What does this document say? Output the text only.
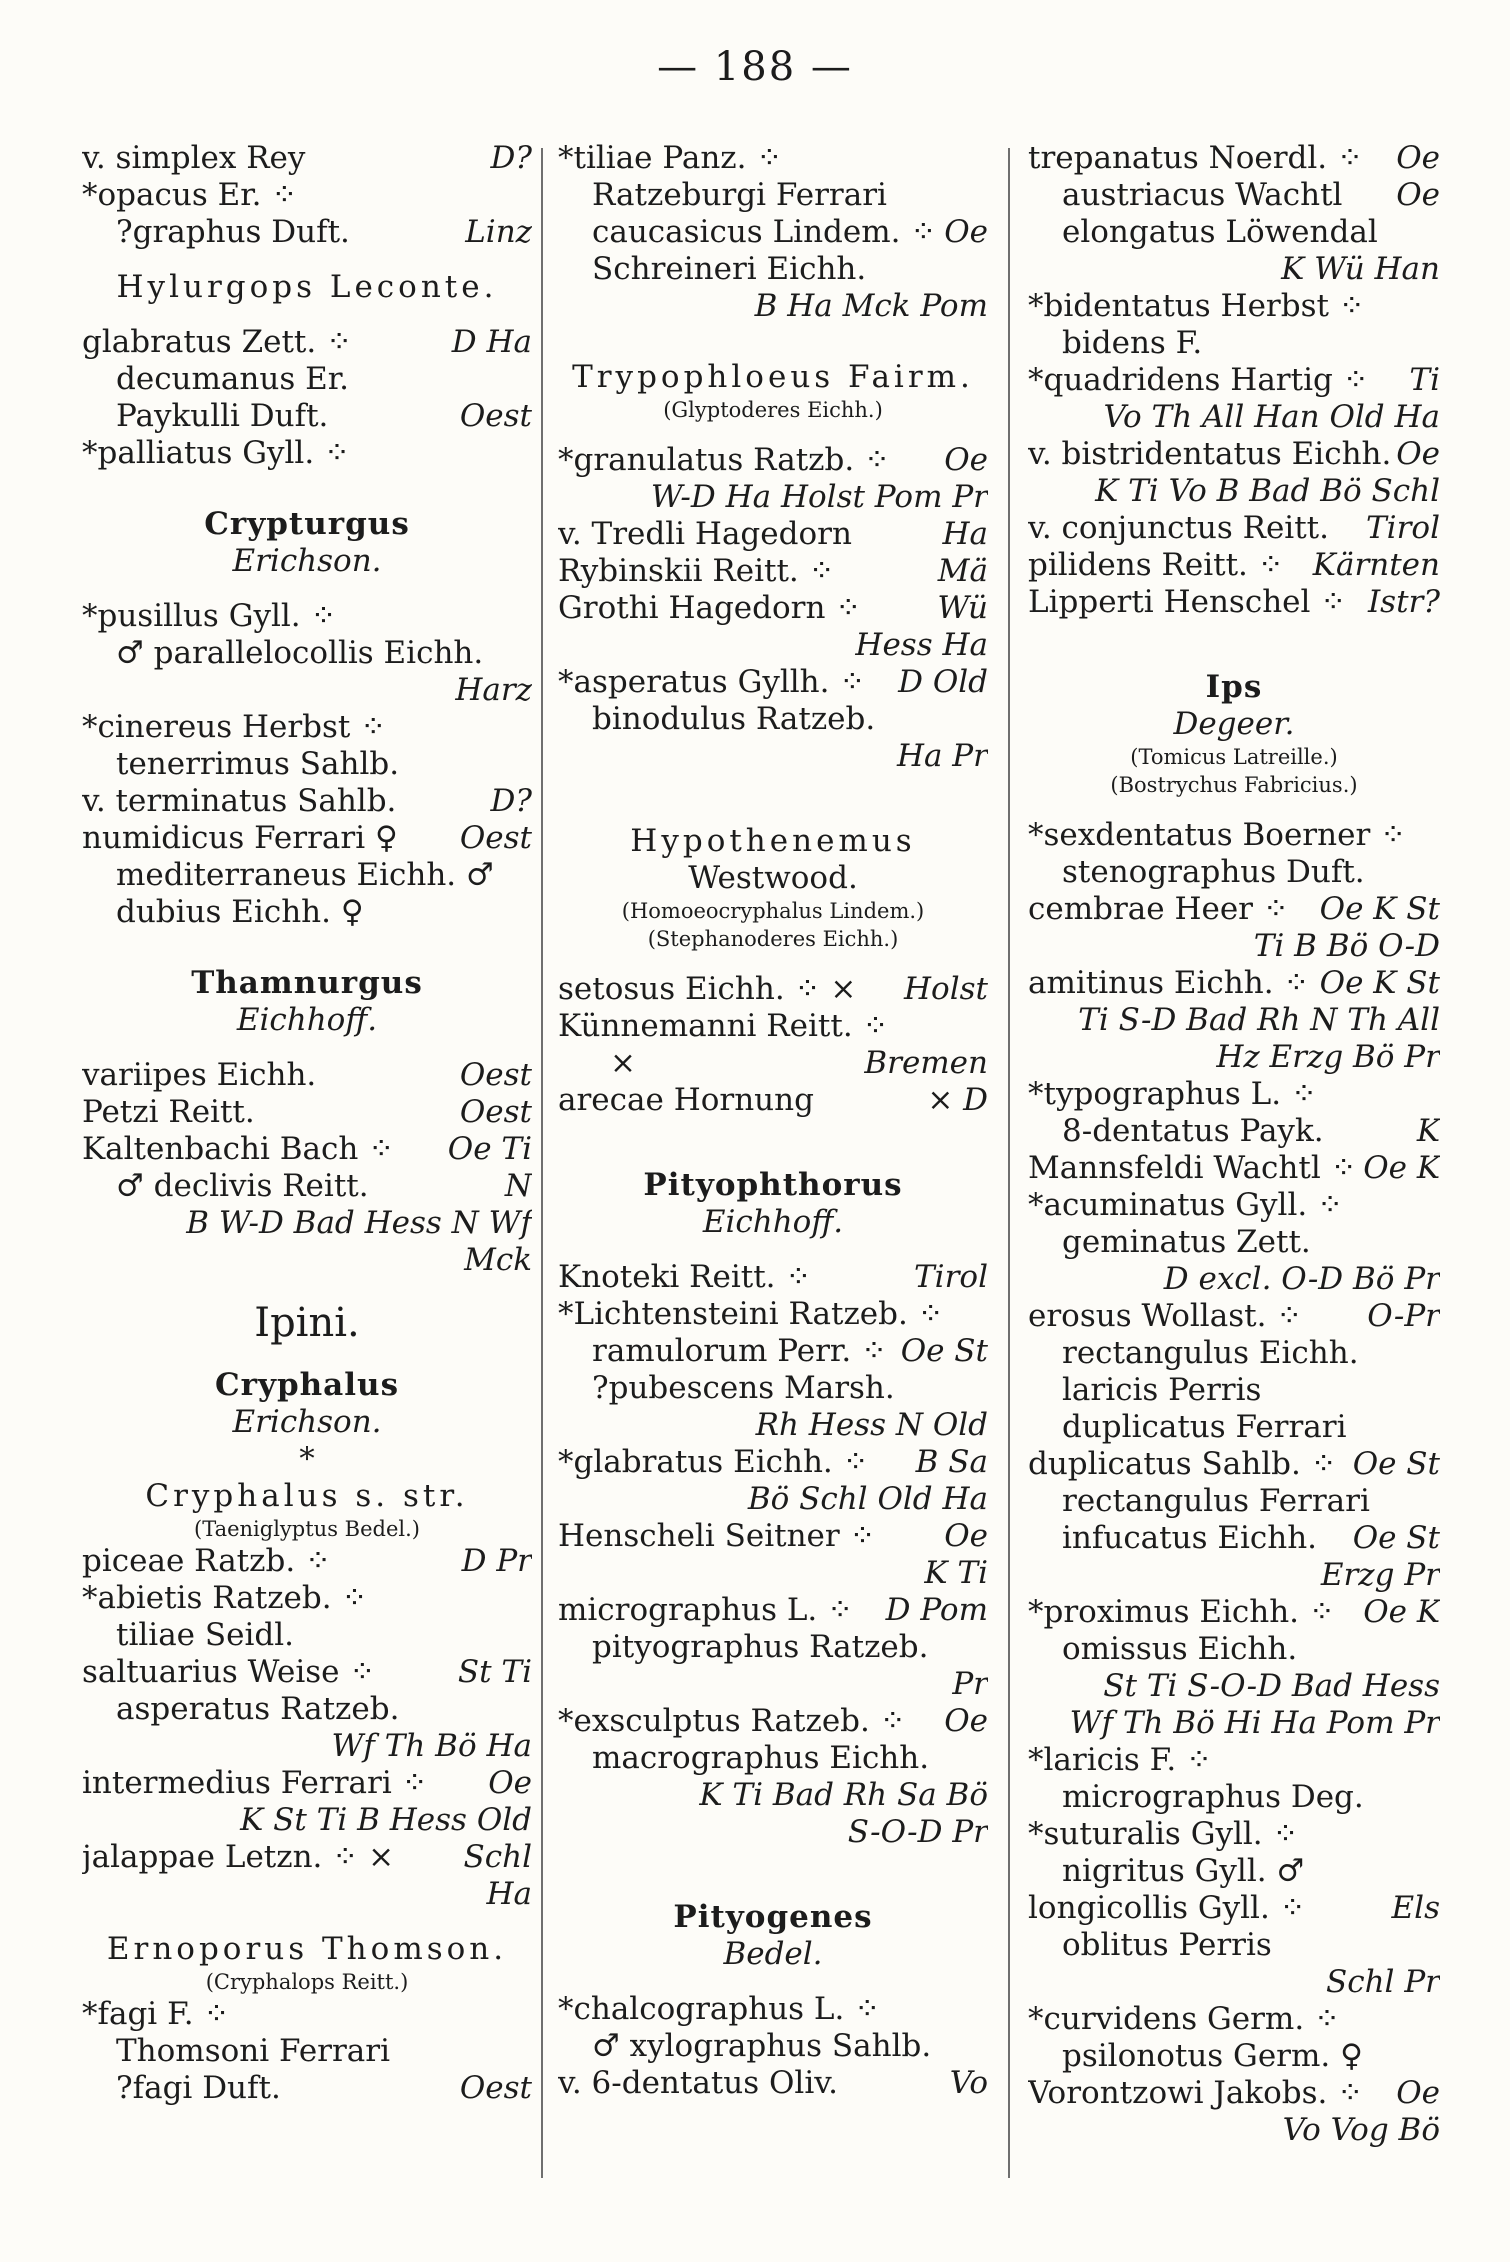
— 188 —
v. simplex Rey	D?
*opacus Er. ⁘
?graphus Duft.	Linz
Hylurgops Leconte.
glabratus Zett. ⁘	D Ha
decumanus Er.
Paykulli Duft.	Oest
*palliatus Gyll. ⁘
Crypturgus
Erichson.
*pusillus Gyll. ⁘
♂ parallelocollis Eichh.
Harz
*cinereus Herbst ⁘
tenerrimus Sahlb.
v. terminatus Sahlb.	D?
numidicus Ferrari ♀ Oest
mediterraneus Eichh. ♂
dubius Eichh. ♀
Thamnurgus
Eichhoff.
variipes Eichh.	Oest
Petzi Reitt.	Oest
Kaltenbachi Bach ⁘ Oe Ti
♂ declivis Reitt.	N
B W-D Bad Hess N Wf
Mck
Ipini.
Cryphalus
Erichson.
*
Cryphalus s. str.
(Taeniglyptus Bedel.)
piceae Ratzb. ⁘	D Pr
*abietis Ratzeb. ⁘
tiliae Seidl.
saltuarius Weise ⁘	St Ti
asperatus Ratzeb.
Wf Th Bö Ha
intermedius Ferrari ⁘ Oe
K St Ti B Hess Old
jalappae Letzn. ⁘ × Schl
Ha
Ernoporus Thomson.
(Cryphalops Reitt.)
*fagi F. ⁘
Thomsoni Ferrari
?fagi Duft.	Oest
*tiliae Panz. ⁘
Ratzeburgi Ferrari
caucasicus Lindem. ⁘ Oe
Schreineri Eichh.
B Ha Mck Pom
Trypophloeus Fairm.
(Glyptoderes Eichh.)
*granulatus Ratzb. ⁘ Oe
W-D Ha Holst Pom Pr
v. Tredli Hagedorn	Ha
Rybinskii Reitt. ⁘	Mä
Grothi Hagedorn ⁘ Wü
Hess Ha
*asperatus Gyllh. ⁘ D Old
binodulus Ratzeb.
Ha Pr
Hypothenemus
Westwood.
(Homoeocryphalus Lindem.)
(Stephanoderes Eichh.)
setosus Eichh. ⁘ × Holst
Künnemanni Reitt. ⁘
×	Bremen
arecae Hornung	× D
Pityophthorus
Eichhoff.
Knoteki Reitt. ⁘	Tirol
*Lichtensteini Ratzeb. ⁘
ramulorum Perr. ⁘ Oe St
?pubescens Marsh.
Rh Hess N Old
*glabratus Eichh. ⁘ B Sa
Bö Schl Old Ha
Henscheli Seitner ⁘ Oe
K Ti
micrographus L. ⁘ D Pom
pityographus Ratzeb.
Pr
*exsculptus Ratzeb. ⁘ Oe
macrographus Eichh.
K Ti Bad Rh Sa Bö
S-O-D Pr
Pityogenes
Bedel.
*chalcographus L. ⁘
♂ xylographus Sahlb.
v. 6-dentatus Oliv.	Vo
trepanatus Noerdl. ⁘ Oe
austriacus Wachtl Oe
elongatus Löwendal
K Wü Han
*bidentatus Herbst ⁘
bidens F.
*quadridens Hartig ⁘ Ti
Vo Th All Han Old Ha
v. bistridentatus Eichh. Oe
K Ti Vo B Bad Bö Schl
v. conjunctus Reitt. Tirol
pilidens Reitt. ⁘ Kärnten
Lipperti Henschel ⁘ Istr?
Ips
Degeer.
(Tomicus Latreille.)
(Bostrychus Fabricius.)
*sexdentatus Boerner ⁘
stenographus Duft.
cembrae Heer ⁘ Oe K St
Ti B Bö O-D
amitinus Eichh. ⁘ Oe K St
Ti S-D Bad Rh N Th All
Hz Erzg Bö Pr
*typographus L. ⁘
8-dentatus Payk.	K
Mannsfeldi Wachtl ⁘ Oe K
*acuminatus Gyll. ⁘
geminatus Zett.
D excl. O-D Bö Pr
erosus Wollast. ⁘ O-Pr
rectangulus Eichh.
laricis Perris
duplicatus Ferrari
duplicatus Sahlb. ⁘ Oe St
rectangulus Ferrari
infucatus Eichh. Oe St
Erzg Pr
*proximus Eichh. ⁘ Oe K
omissus Eichh.
St Ti S-O-D Bad Hess
Wf Th Bö Hi Ha Pom Pr
*laricis F. ⁘
micrographus Deg.
*suturalis Gyll. ⁘
nigritus Gyll. ♂
longicollis Gyll. ⁘	Els
oblitus Perris
Schl Pr
*curvidens Germ. ⁘
psilonotus Germ. ♀
Vorontzowi Jakobs. ⁘ Oe
Vo Vog Bö
